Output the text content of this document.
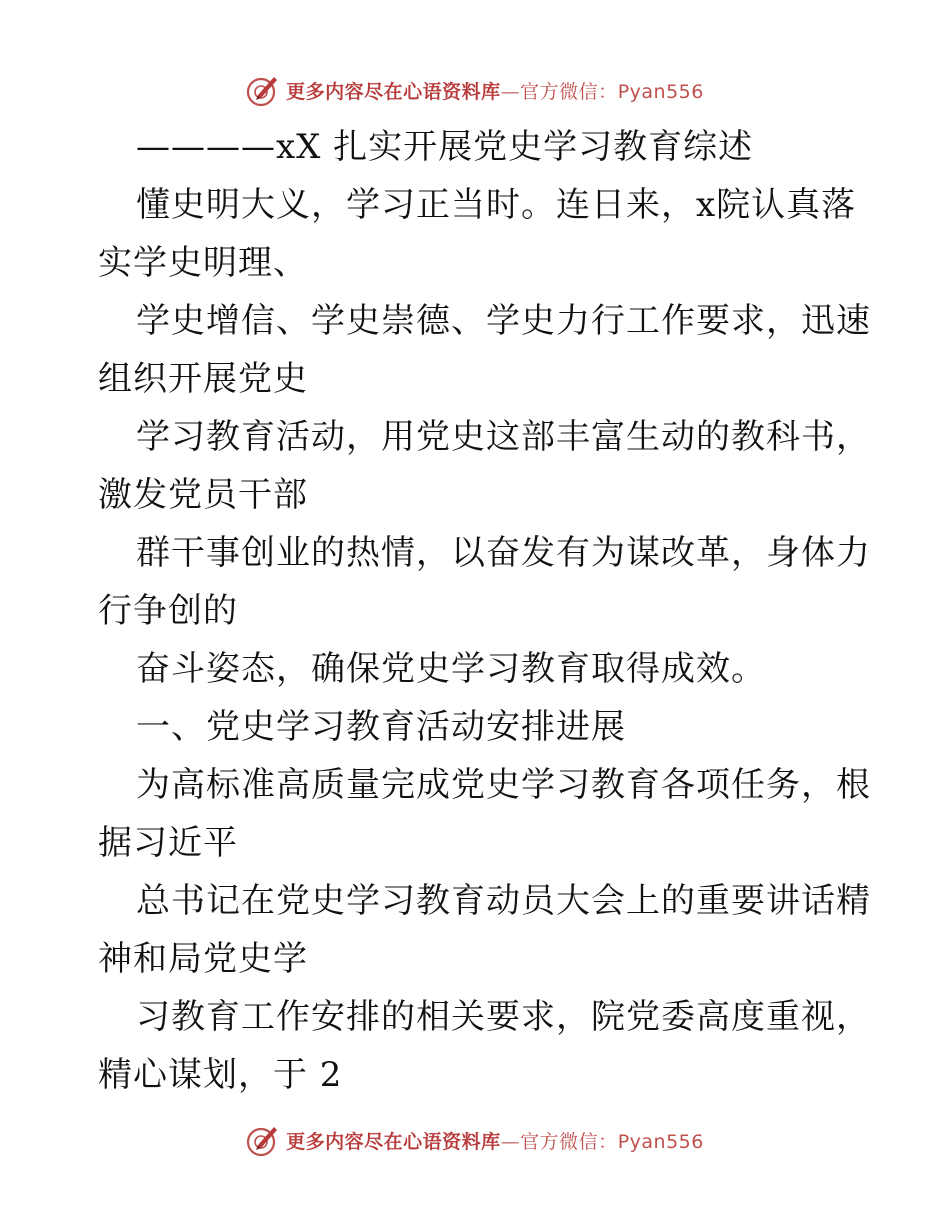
更多内容尽在心语资料库—官方微信：Pyan556
————xX 扎实开展党史学习教育综述
懂史明大义，学习正当时。连日来，x院认真落
实学史明理、
学史增信、学史崇德、学史力行工作要求，迅速
组织开展党史
学习教育活动，用党史这部丰富生动的教科书，
激发党员干部
群干事创业的热情，以奋发有为谋改革，身体力
行争创的
奋斗姿态，确保党史学习教育取得成效。
一、党史学习教育活动安排进展
为高标准高质量完成党史学习教育各项任务，根
据习近平
总书记在党史学习教育动员大会上的重要讲话精
神和局党史学
习教育工作安排的相关要求，院党委高度重视，
精心谋划，于 2
更多内容尽在心语资料库—官方微信：Pyan556
